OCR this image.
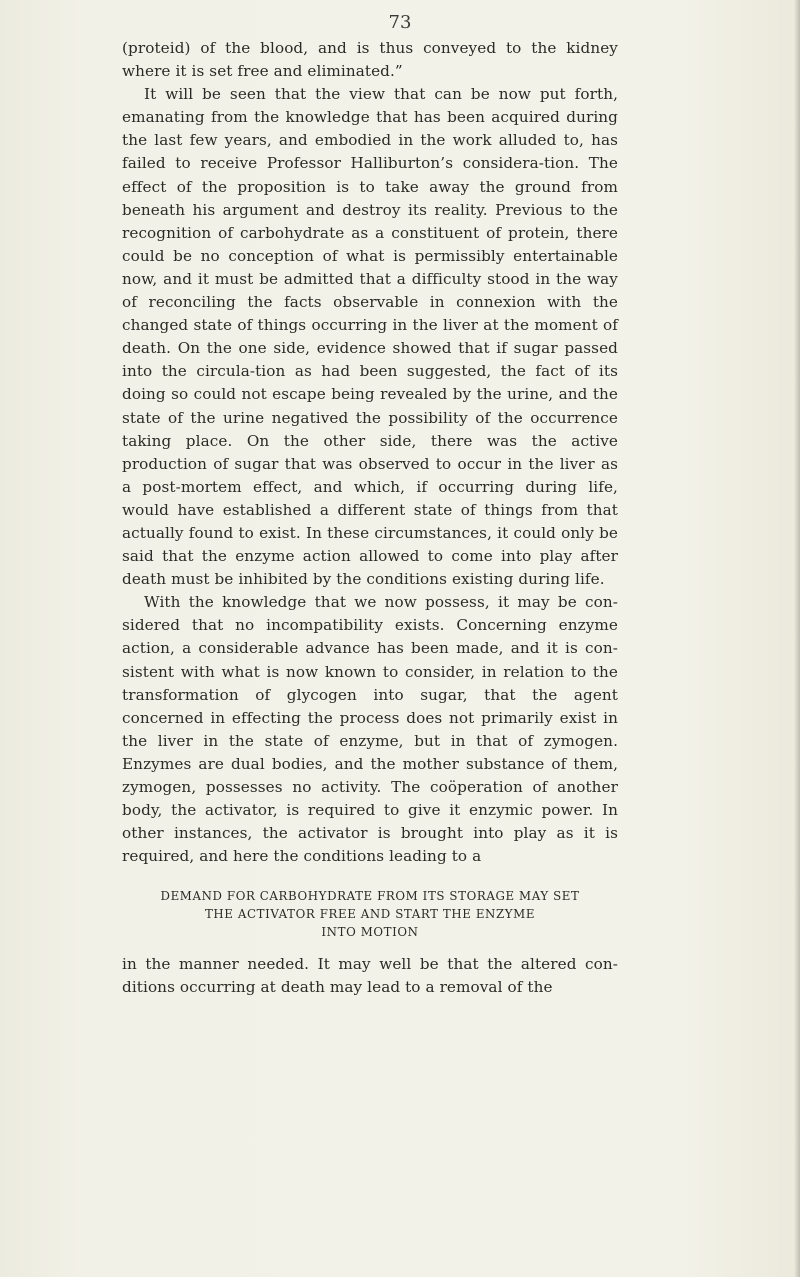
73

(proteid) of the blood, and is thus conveyed to the kidney where it is set free and eliminated.”

It will be seen that the view that can be now put forth, emanating from the knowledge that has been acquired during the last few years, and embodied in the work alluded to, has failed to receive Professor Halliburton’s considera-tion. The effect of the proposition is to take away the ground from beneath his argument and destroy its reality. Previous to the recognition of carbohydrate as a constituent of protein, there could be no conception of what is permissibly entertainable now, and it must be admitted that a difficulty stood in the way of reconciling the facts observable in connexion with the changed state of things occurring in the liver at the moment of death. On the one side, evidence showed that if sugar passed into the circula-tion as had been suggested, the fact of its doing so could not escape being revealed by the urine, and the state of the urine negatived the possibility of the occurrence taking place. On the other side, there was the active production of sugar that was observed to occur in the liver as a post-mortem effect, and which, if occurring during life, would have established a different state of things from that actually found to exist. In these circumstances, it could only be said that the enzyme action allowed to come into play after death must be inhibited by the conditions existing during life.

With the knowledge that we now possess, it may be con-sidered that no incompatibility exists. Concerning enzyme action, a considerable advance has been made, and it is con-sistent with what is now known to consider, in relation to the transformation of glycogen into sugar, that the agent concerned in effecting the process does not primarily exist in the liver in the state of enzyme, but in that of zymogen. Enzymes are dual bodies, and the mother substance of them, zymogen, possesses no activity. The coöperation of another body, the activator, is required to give it enzymic power. In other instances, the activator is brought into play as it is required, and here the conditions leading to a

DEMAND FOR CARBOHYDRATE FROM ITS STORAGE MAY SET
THE ACTIVATOR FREE AND START THE ENZYME
INTO MOTION

in the manner needed. It may well be that the altered con-ditions occurring at death may lead to a removal of the
